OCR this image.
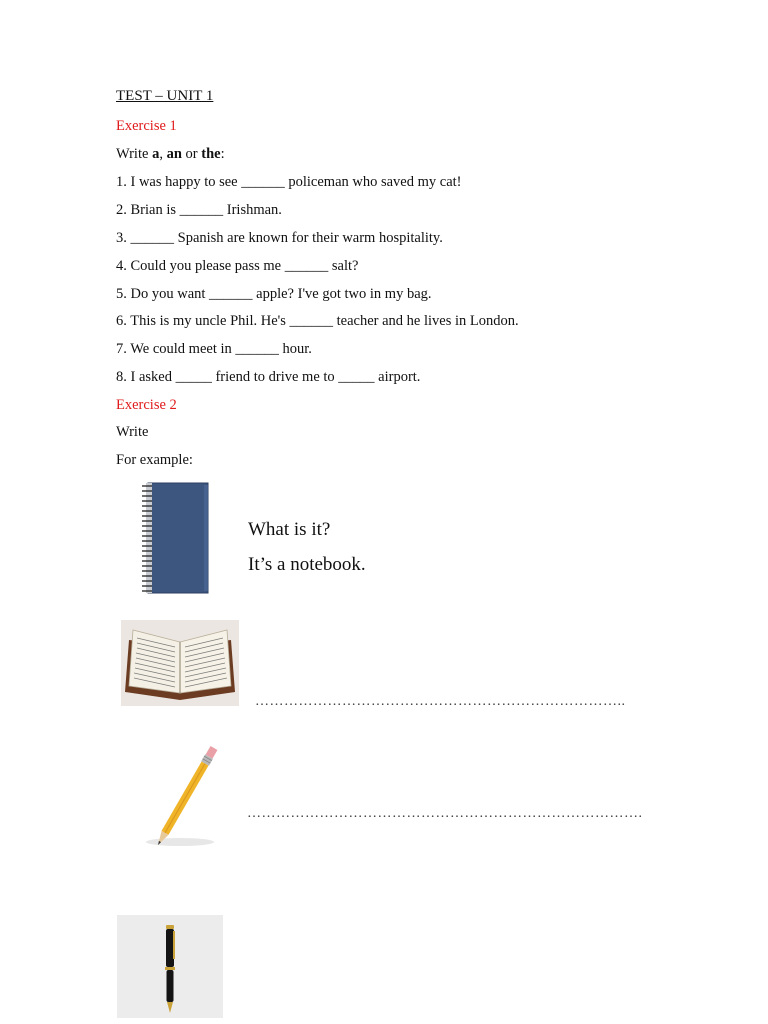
TEST – UNIT 1
Exercise 1
Write a, an or the:
1. I was happy to see ______ policeman who saved my cat!
2. Brian is ______ Irishman.
3. ______ Spanish are known for their warm hospitality.
4. Could you please pass me ______ salt?
5. Do you want ______ apple? I've got two in my bag.
6. This is my uncle Phil. He's ______ teacher and he lives in London.
7. We could meet in ______ hour.
8. I asked _____ friend to drive me to _____ airport.
Exercise 2
Write
For example:
What is it?
It’s a notebook.
…………………………………………………………………..
……………………………………………………………………….
